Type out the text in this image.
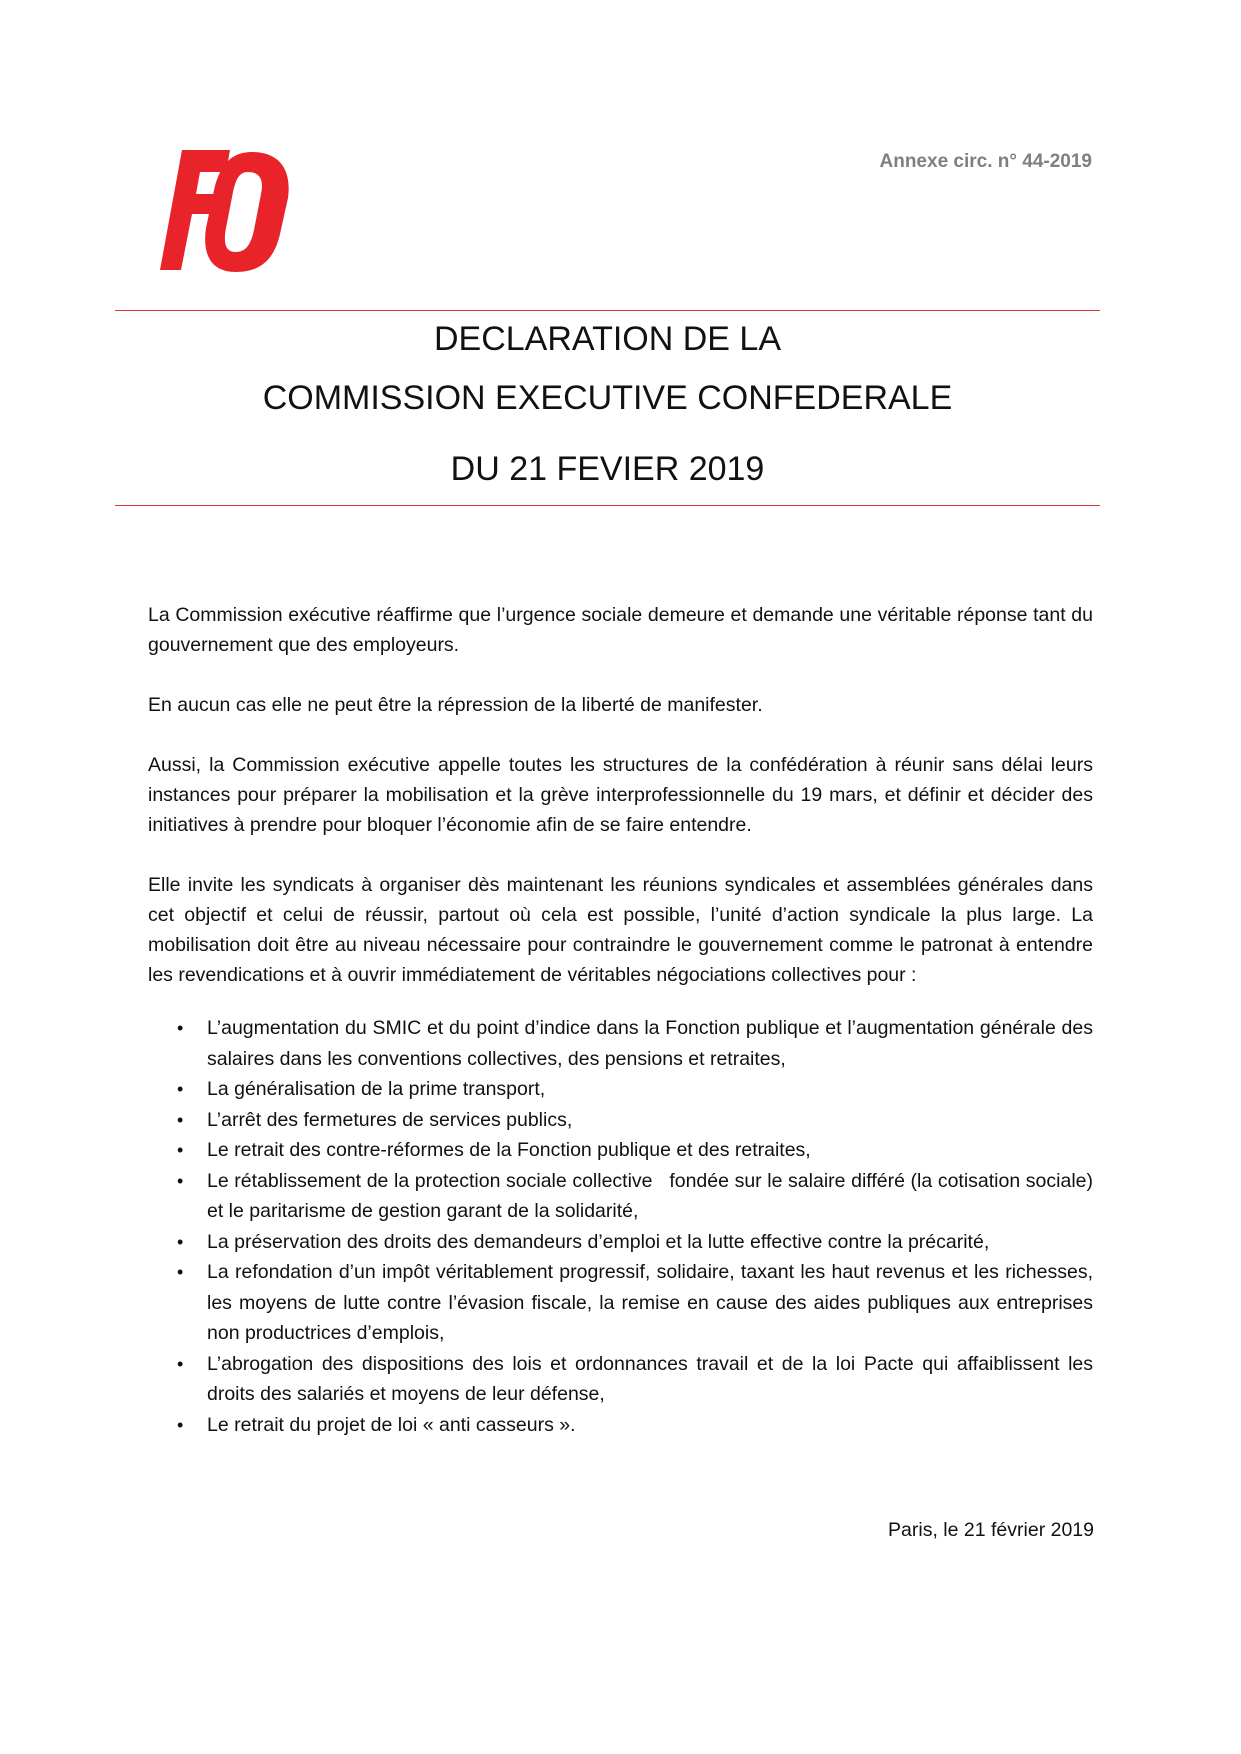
Annexe circ. n° 44-2019
DECLARATION DE LA
COMMISSION EXECUTIVE CONFEDERALE
DU 21 FEVIER 2019

La Commission exécutive réaffirme que l’urgence sociale demeure et demande une véritable réponse tant du gouvernement que des employeurs.

En aucun cas elle ne peut être la répression de la liberté de manifester.

Aussi, la Commission exécutive appelle toutes les structures de la confédération à réunir sans délai leurs instances pour préparer la mobilisation et la grève interprofessionnelle du 19 mars, et définir et décider des initiatives à prendre pour bloquer l’économie afin de se faire entendre.

Elle invite les syndicats à organiser dès maintenant les réunions syndicales et assemblées générales dans cet objectif et celui de réussir, partout où cela est possible, l’unité d’action syndicale la plus large. La mobilisation doit être au niveau nécessaire pour contraindre le gouvernement comme le patronat à entendre les revendications et à ouvrir immédiatement de véritables négociations collectives pour :

• L’augmentation du SMIC et du point d’indice dans la Fonction publique et l’augmentation générale des salaires dans les conventions collectives, des pensions et retraites,
• La généralisation de la prime transport,
• L’arrêt des fermetures de services publics,
• Le retrait des contre-réformes de la Fonction publique et des retraites,
• Le rétablissement de la protection sociale collective   fondée sur le salaire différé (la cotisation sociale) et le paritarisme de gestion garant de la solidarité,
• La préservation des droits des demandeurs d’emploi et la lutte effective contre la précarité,
• La refondation d’un impôt véritablement progressif, solidaire, taxant les haut revenus et les richesses, les moyens de lutte contre l’évasion fiscale, la remise en cause des aides publiques aux entreprises non productrices d’emplois,
• L’abrogation des dispositions des lois et ordonnances travail et de la loi Pacte qui affaiblissent les droits des salariés et moyens de leur défense,
• Le retrait du projet de loi « anti casseurs ».
Paris, le 21 février 2019
